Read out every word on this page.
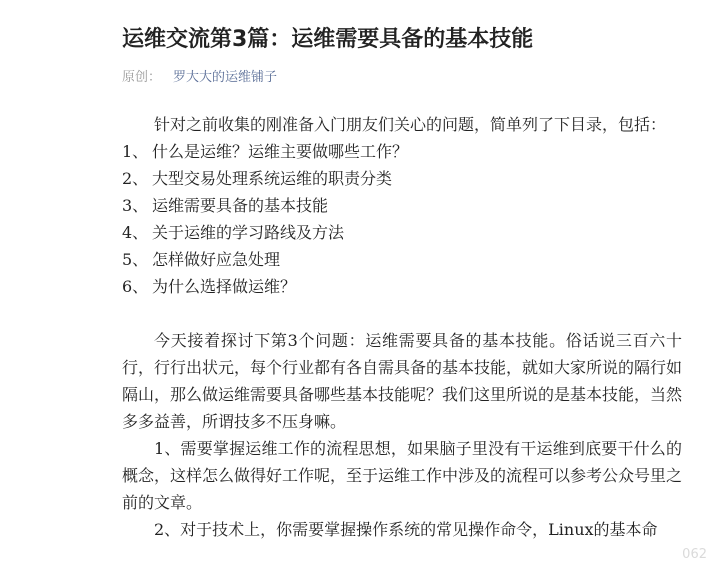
运维交流第3篇：运维需要具备的基本技能
原创： 罗大大的运维铺子

针对之前收集的刚准备入门朋友们关心的问题，简单列了下目录，包括：

1、 什么是运维？运维主要做哪些工作？
2、 大型交易处理系统运维的职责分类
3、 运维需要具备的基本技能
4、 关于运维的学习路线及方法
5、 怎样做好应急处理
6、 为什么选择做运维？

今天接着探讨下第3个问题：运维需要具备的基本技能。俗话说三百六十行，行行出状元，每个行业都有各自需具备的基本技能，就如大家所说的隔行如隔山，那么做运维需要具备哪些基本技能呢？我们这里所说的是基本技能，当然多多益善，所谓技多不压身嘛。

1、需要掌握运维工作的流程思想，如果脑子里没有干运维到底要干什么的概念，这样怎么做得好工作呢，至于运维工作中涉及的流程可以参考公众号里之前的文章。

2、对于技术上，你需要掌握操作系统的常见操作命令，Linux的基本命

062
